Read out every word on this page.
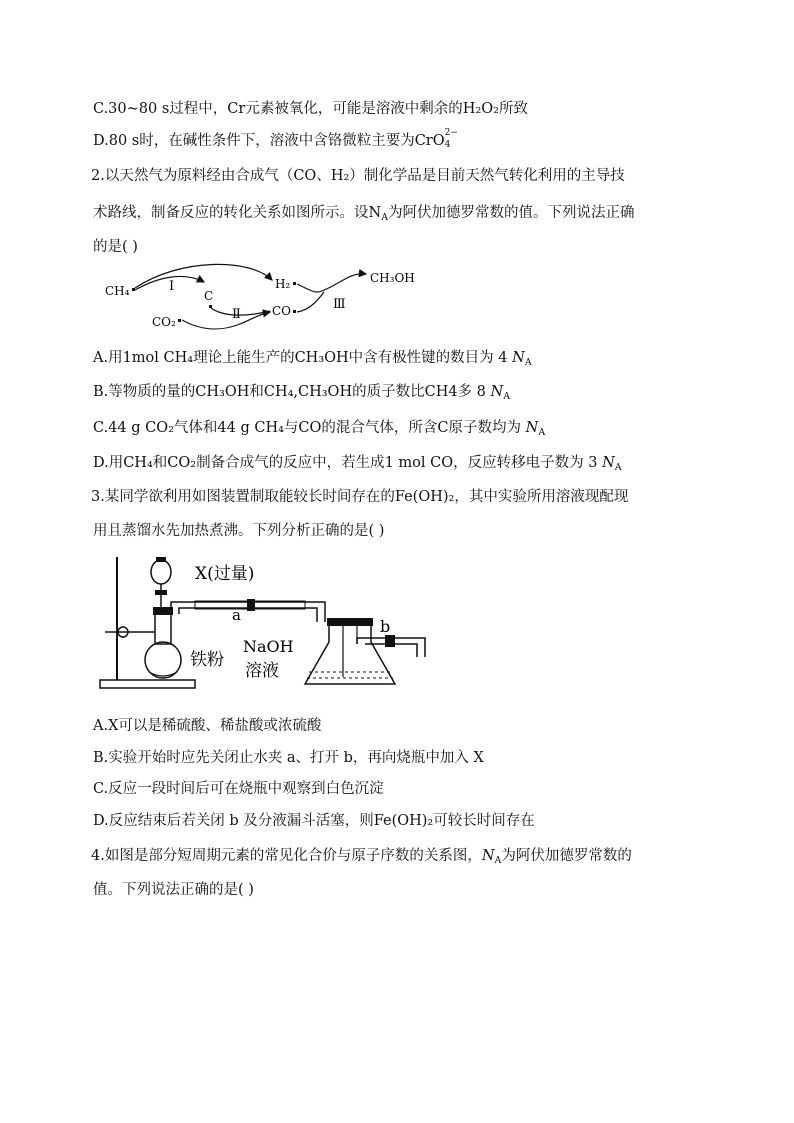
C.30~80 s过程中，Cr元素被氧化，可能是溶液中剩余的H₂O₂所致
D.80 s时，在碱性条件下，溶液中含铬微粒主要为CrO 2−
4
2.以天然气为原料经由合成气（CO、H₂）制化学品是目前天然气转化利用的主导技
术路线，制备反应的转化关系如图所示。设$N_A$为阿伏加德罗常数的值。下列说法正确
的是( )
CH₄
CO₂
C
H₂
CO
CH₃OH
Ⅰ
Ⅱ
Ⅲ
A.用1mol CH₄理论上能生产的CH₃OH中含有极性键的数目为 4 $N_A$
B.等物质的量的CH₃OH和CH₄,CH₃OH的质子数比CH4多 8 $N_A$
C.44 g CO₂气体和44 g CH₄与CO的混合气体，所含C原子数均为 $N_A$
D.用CH₄和CO₂制备合成气的反应中，若生成1 mol CO，反应转移电子数为 3 $N_A$
3.某同学欲利用如图装置制取能较长时间存在的Fe(OH)₂，其中实验所用溶液现配现
用且蒸馏水先加热煮沸。下列分析正确的是( )
X(过量)
a
b
铁粉
NaOH
溶液
A.X可以是稀硫酸、稀盐酸或浓硫酸
B.实验开始时应先关闭止水夹 a、打开 b，再向烧瓶中加入 X
C.反应一段时间后可在烧瓶中观察到白色沉淀
D.反应结束后若关闭 b 及分液漏斗活塞，则Fe(OH)₂可较长时间存在
4.如图是部分短周期元素的常见化合价与原子序数的关系图，$N_A$为阿伏加德罗常数的
值。下列说法正确的是( )
